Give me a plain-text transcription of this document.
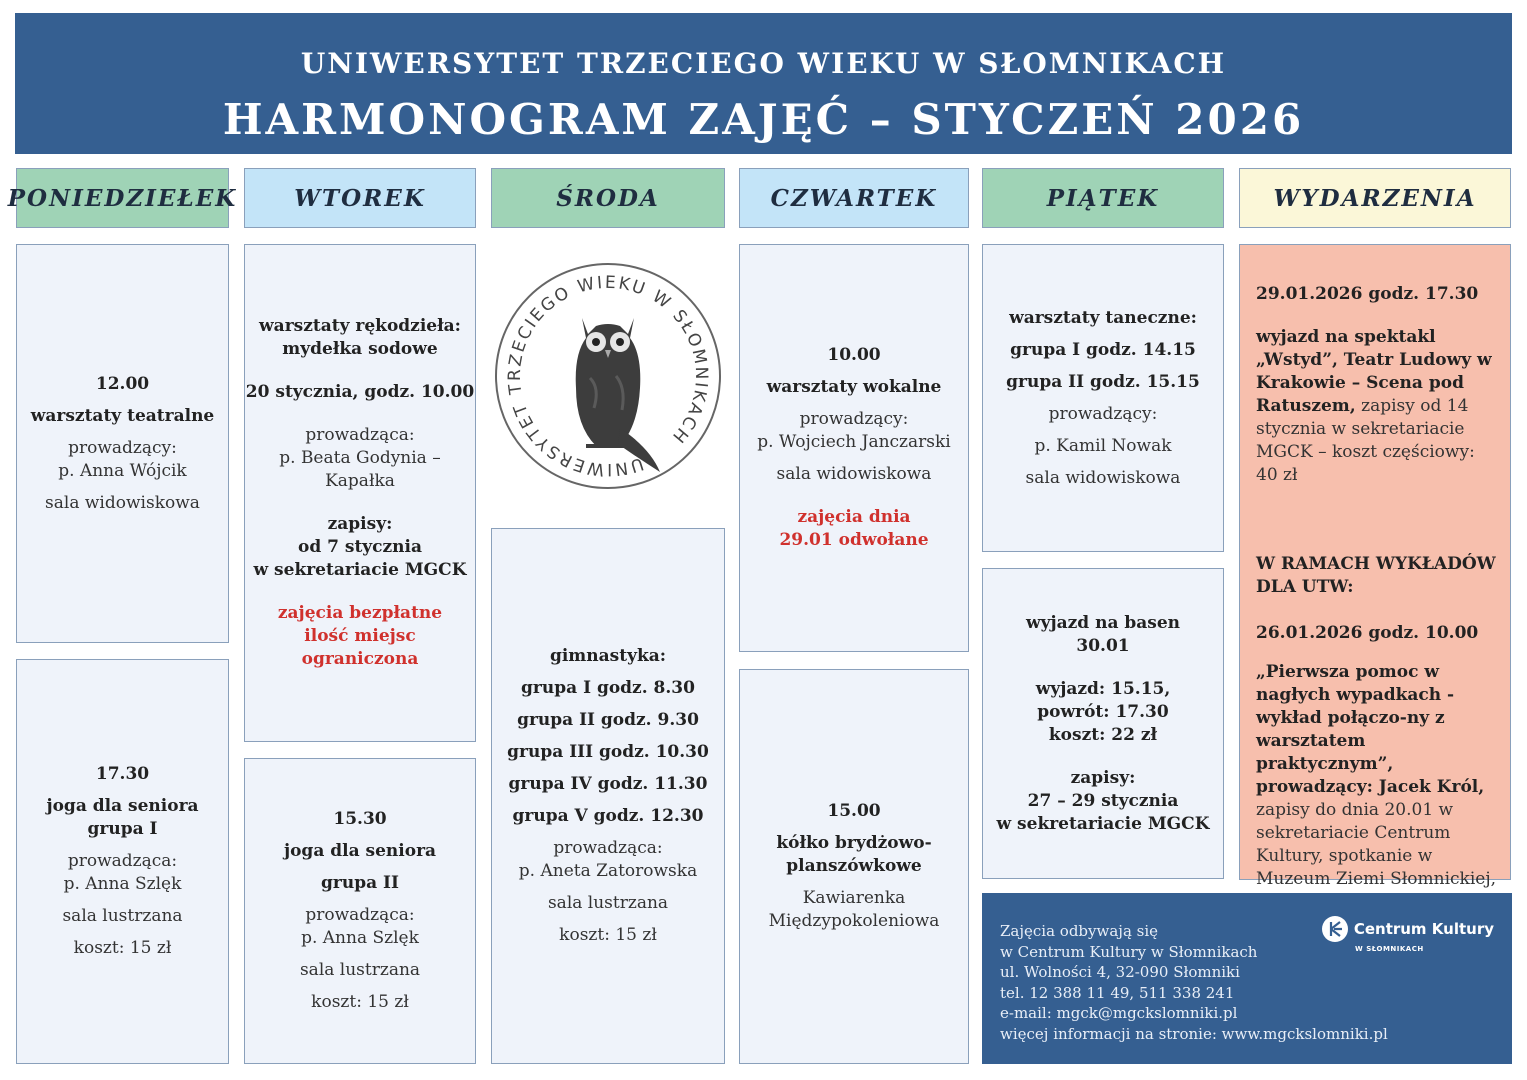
UNIWERSYTET TRZECIEGO WIEKU W SŁOMNIKACH
HARMONOGRAM ZAJĘĆ – STYCZEŃ 2026
PONIEDZIEŁEK	WTOREK	ŚRODA	CZWARTEK	PIĄTEK	WYDARZENIA
12.00
warsztaty teatralne
prowadzący:
p. Anna Wójcik
sala widowiskowa
17.30
joga dla seniora
grupa I
prowadząca:
p. Anna Szlęk
sala lustrzana
koszt: 15 zł
warsztaty rękodzieła:
mydełka sodowe
20 stycznia, godz. 10.00
prowadząca:
p. Beata Godynia –
Kapałka
zapisy:
od 7 stycznia
w sekretariacie MGCK
zajęcia bezpłatne
ilość miejsc ograniczona
15.30
joga dla seniora
grupa II
prowadząca:
p. Anna Szlęk
sala lustrzana
koszt: 15 zł
UNIWERSYTET TRZECIEGO WIEKU W SŁOMNIKACH
gimnastyka:
grupa I godz. 8.30
grupa II godz. 9.30
grupa III godz. 10.30
grupa IV godz. 11.30
grupa V godz. 12.30
prowadząca:
p. Aneta Zatorowska
sala lustrzana
koszt: 15 zł
10.00
warsztaty wokalne
prowadzący:
p. Wojciech Janczarski
sala widowiskowa
zajęcia dnia
29.01 odwołane
15.00
kółko brydżowo-
planszówkowe
Kawiarenka
Międzypokoleniowa
warsztaty taneczne:
grupa I godz. 14.15
grupa II godz. 15.15
prowadzący:
p. Kamil Nowak
sala widowiskowa
wyjazd na basen
30.01
wyjazd: 15.15,
powrót: 17.30
koszt: 22 zł
zapisy:
27 – 29 stycznia
w sekretariacie MGCK

29.01.2026 godz. 17.30

wyjazd na spektakl „Wstyd”, Teatr Ludowy w Krakowie – Scena pod Ratuszem, zapisy od 14 stycznia w sekretariacie MGCK – koszt częściowy: 40 zł

W RAMACH WYKŁADÓW DLA UTW:

26.01.2026 godz. 10.00

„Pierwsza pomoc w nagłych wypadkach - wykład połączo-ny z warsztatem praktycznym”, prowadzący: Jacek Król, zapisy do dnia 20.01 w sekretariacie Centrum Kultury, spotkanie w Muzeum Ziemi Słomnickiej,

Zajęcia odbywają się
w Centrum Kultury w Słomnikach
ul. Wolności 4, 32-090 Słomniki
tel. 12 388 11 49, 511 338 241
e-mail: mgck@mgckslomniki.pl
więcej informacji na stronie: www.mgckslomniki.pl
Centrum Kultury
W SŁOMNIKACH
